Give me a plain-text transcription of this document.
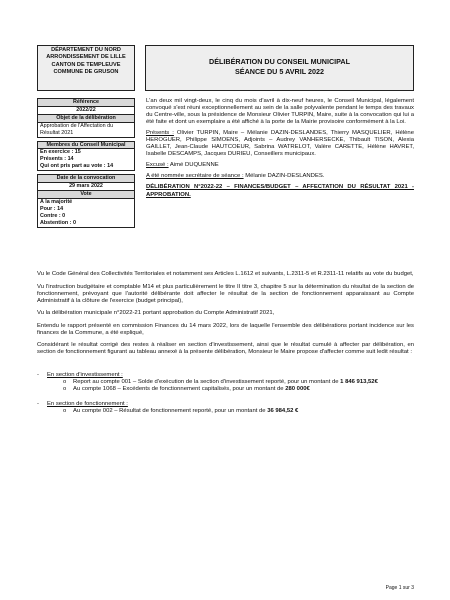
DÉPARTEMENT DU NORD
ARRONDISSEMENT DE LILLE
CANTON DE TEMPLEUVE
COMMUNE DE GRUSON
DÉLIBÉRATION DU CONSEIL MUNICIPAL
SÉANCE DU 5 AVRIL 2022
Référence
2022/22
Objet de la délibération
Approbation de l'Affectation du Résultat 2021
Membres du Conseil Municipal
En exercice : 15
Présents : 14
Qui ont pris part au vote : 14
Date de la convocation
29 mars 2022
Vote
A la majorité
Pour : 14
Contre : 0
Abstention : 0

L'an deux mil vingt-deux, le cinq du mois d'avril à dix-neuf heures, le Conseil Municipal, légalement convoqué s'est réuni exceptionnellement au sein de la salle polyvalente pendant le temps des travaux du Centre-ville, sous la présidence de Monsieur Olivier TURPIN, Maire, suite à la convocation qui lui a été faite et dont un exemplaire a été affiché à la porte de la Mairie provisoire conformément à la Loi.

Présents : Olivier TURPIN, Maire – Mélanie DAZIN-DESLANDES, Thierry MASQUELIER, Hélène HEROGUER, Philippe SIMOENS, Adjoints – Audrey VANHERSECKE, Thibault TISON, Alexia GAILLET, Jean-Claude HAUTCOEUR, Sabrina WATRELOT, Valère CARETTE, Hélène HAVRET, Isabelle DESCAMPS, Jacques DURIEU, Conseillers municipaux.

Excusé : Aimé DUQUENNE

A été nommée secrétaire de séance : Mélanie DAZIN-DESLANDES.

DÉLIBÉRATION N°2022-22 – FINANCES/BUDGET – AFFECTATION DU RÉSULTAT 2021 - APPROBATION.

Vu le Code Général des Collectivités Territoriales et notamment ses Articles L.1612 et suivants, L.2311-5 et R.2311-11 relatifs au vote du budget,

Vu l'instruction budgétaire et comptable M14 et plus particulièrement le titre II titre 3, chapitre 5 sur la détermination du résultat de la section de fonctionnement, prévoyant que l'autorité délibérante doit affecter le résultat de la section de fonctionnement apparaissant au Compte Administratif à la clôture de l'exercice (budget principal),

Vu la délibération municipale n°2022-21 portant approbation du Compte Administratif 2021,

Entendu le rapport présenté en commission Finances du 14 mars 2022, lors de laquelle l'ensemble des délibérations portant incidence sur les finances de la Commune, a été expliqué,

Considérant le résultat corrigé des restes à réaliser en section d'investissement, ainsi que le résultat cumulé à affecter par délibération, en section de fonctionnement figurant au tableau annexé à la présente délibération, Monsieur le Maire propose d'affecter comme suit ledit résultat :

- En section d'investissement :
o Report au compte 001 – Solde d'exécution de la section d'investissement reporté, pour un montant de 1 846 913,52€
o Au compte 1068 – Excédents de fonctionnement capitalisés, pour un montant de 280 000€
- En section de fonctionnement :
o Au compte 002 – Résultat de fonctionnement reporté, pour un montant de 36 984,52 €
Page 1 sur 3
